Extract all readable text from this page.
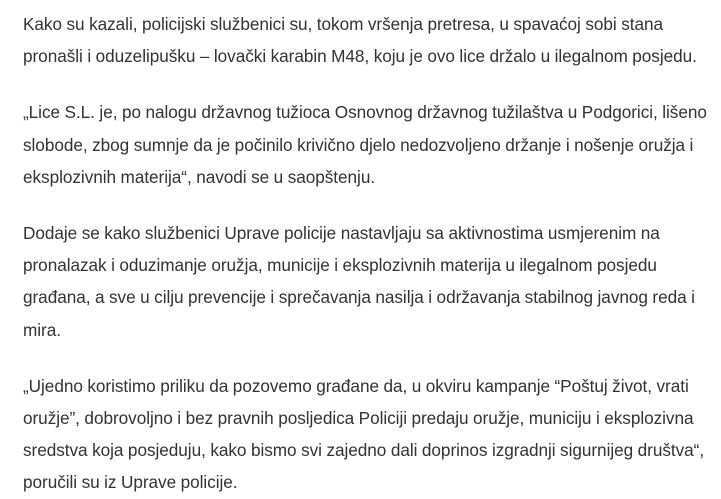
Kako su kazali, policijski službenici su, tokom vršenja pretresa, u spavaćoj sobi stana pronašli i oduzelipušku – lovački karabin M48, koju je ovo lice držalo u ilegalnom posjedu.

„Lice S.L. je, po nalogu državnog tužioca Osnovnog državnog tužilaštva u Podgorici, lišeno slobode, zbog sumnje da je počinilo krivično djelo nedozvoljeno držanje i nošenje oružja i eksplozivnih materija“, navodi se u saopštenju.

Dodaje se kako službenici Uprave policije nastavljaju sa aktivnostima usmjerenim na pronalazak i oduzimanje oružja, municije i eksplozivnih materija u ilegalnom posjedu građana, a sve u cilju prevencije i sprečavanja nasilja i održavanja stabilnog javnog reda i mira.

„Ujedno koristimo priliku da pozovemo građane da, u okviru kampanje “Poštuj život, vrati oružje”, dobrovoljno i bez pravnih posljedica Policiji predaju oružje, municiju i eksplozivna sredstva koja posjeduju, kako bismo svi zajedno dali doprinos izgradnji sigurnijeg društva“, poručili su iz Uprave policije.
